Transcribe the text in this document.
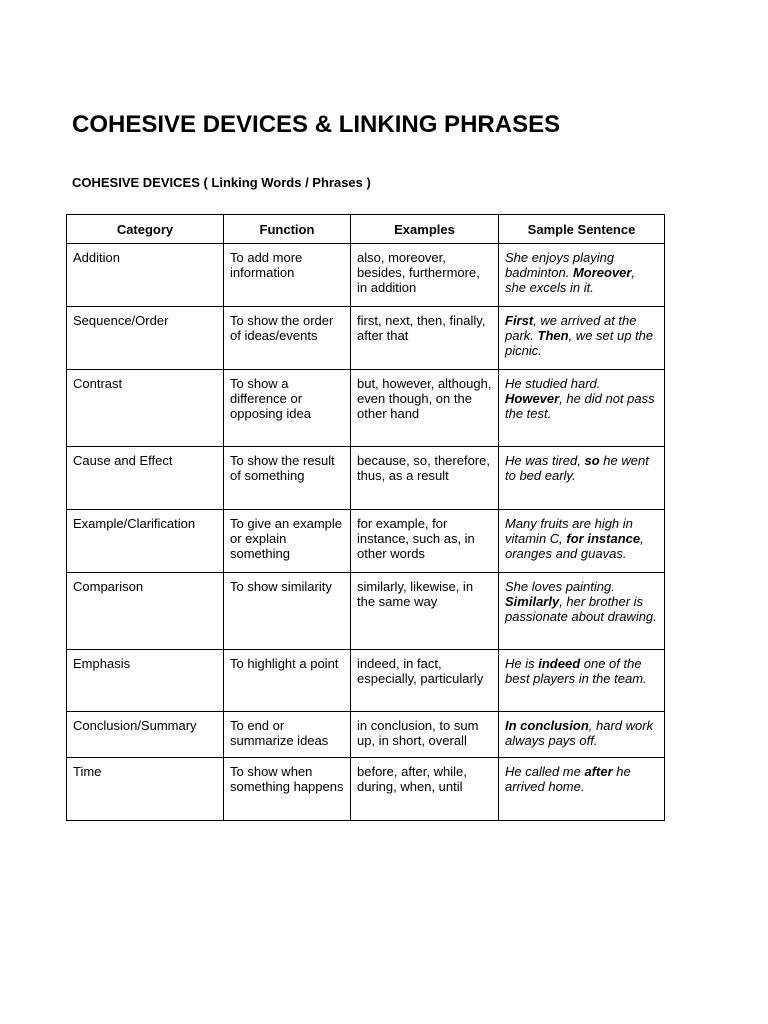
COHESIVE DEVICES & LINKING PHRASES
COHESIVE DEVICES ( Linking Words / Phrases )
Category	Function	Examples	Sample Sentence
Addition	To add more information	also, moreover, besides, furthermore, in addition	She enjoys playing badminton. Moreover, she excels in it.
Sequence/Order	To show the order of ideas/events	first, next, then, finally, after that	First, we arrived at the park. Then, we set up the picnic.
Contrast	To show a difference or opposing idea	but, however, although, even though, on the other hand	He studied hard. However, he did not pass the test.
Cause and Effect	To show the result of something	because, so, therefore, thus, as a result	He was tired, so he went to bed early.
Example/Clarification	To give an example or explain something	for example, for instance, such as, in other words	Many fruits are high in vitamin C, for instance, oranges and guavas.
Comparison	To show similarity	similarly, likewise, in the same way	She loves painting. Similarly, her brother is passionate about drawing.
Emphasis	To highlight a point	indeed, in fact, especially, particularly	He is indeed one of the best players in the team.
Conclusion/Summary	To end or summarize ideas	in conclusion, to sum up, in short, overall	In conclusion, hard work always pays off.
Time	To show when something happens	before, after, while, during, when, until	He called me after he arrived home.
